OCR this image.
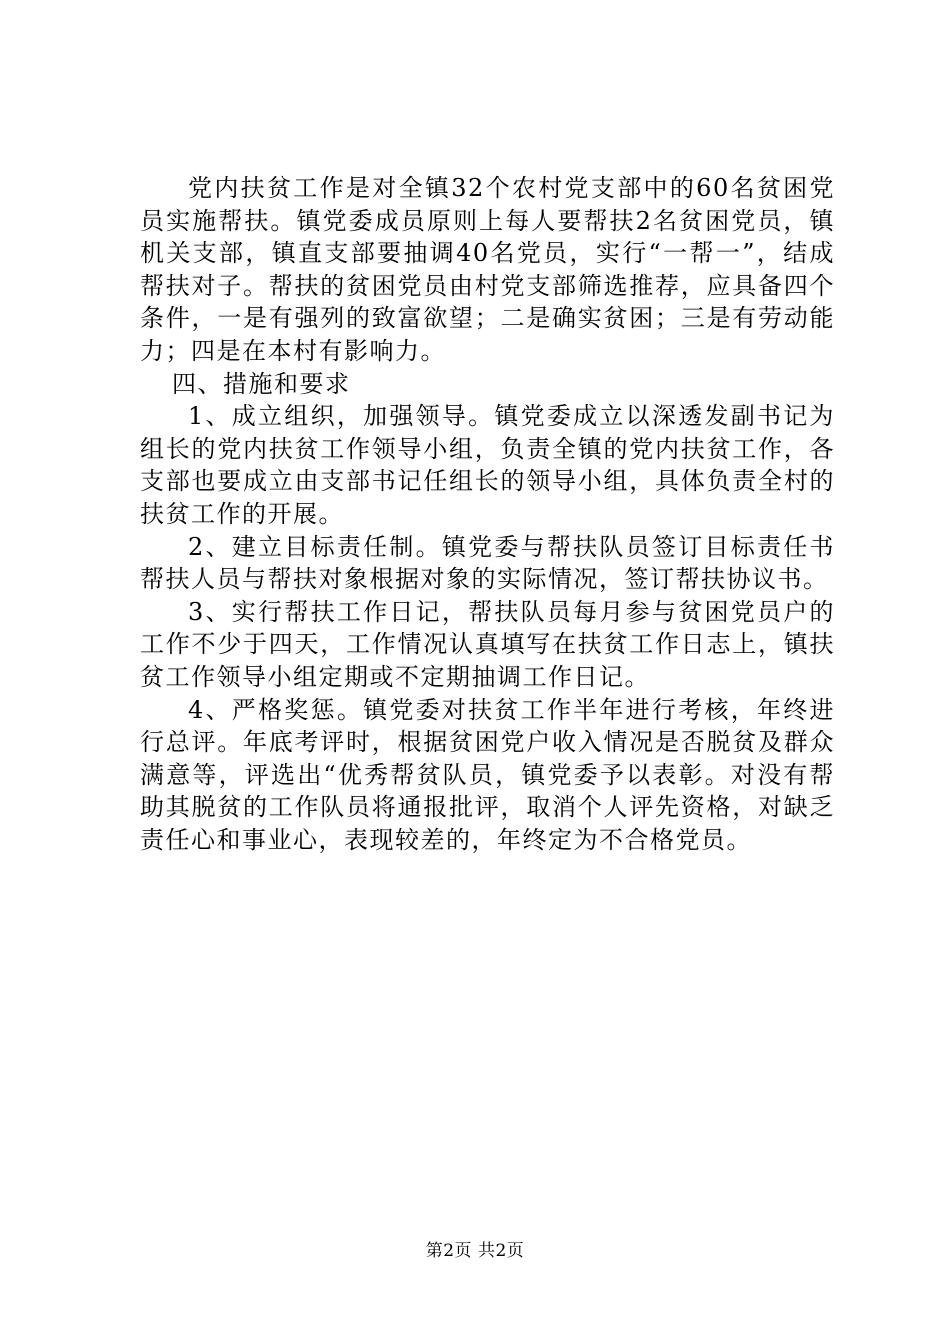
党内扶贫工作是对全镇32个农村党支部中的60名贫困党员实施帮扶。镇党委成员原则上每人要帮扶2名贫困党员，镇机关支部，镇直支部要抽调40名党员，实行“一帮一”，结成帮扶对子。帮扶的贫困党员由村党支部筛选推荐，应具备四个条件，一是有强列的致富欲望；二是确实贫困；三是有劳动能力；四是在本村有影响力。

四、措施和要求

1、成立组织，加强领导。镇党委成立以深透发副书记为组长的党内扶贫工作领导小组，负责全镇的党内扶贫工作，各支部也要成立由支部书记任组长的领导小组，具体负责全村的扶贫工作的开展。

2、建立目标责任制。镇党委与帮扶队员签订目标责任书帮扶人员与帮扶对象根据对象的实际情况，签订帮扶协议书。

3、实行帮扶工作日记，帮扶队员每月参与贫困党员户的工作不少于四天，工作情况认真填写在扶贫工作日志上，镇扶贫工作领导小组定期或不定期抽调工作日记。

4、严格奖惩。镇党委对扶贫工作半年进行考核，年终进行总评。年底考评时，根据贫困党户收入情况是否脱贫及群众满意等，评选出“优秀帮贫队员，镇党委予以表彰。对没有帮助其脱贫的工作队员将通报批评，取消个人评先资格，对缺乏责任心和事业心，表现较差的，年终定为不合格党员。

第2页 共2页
